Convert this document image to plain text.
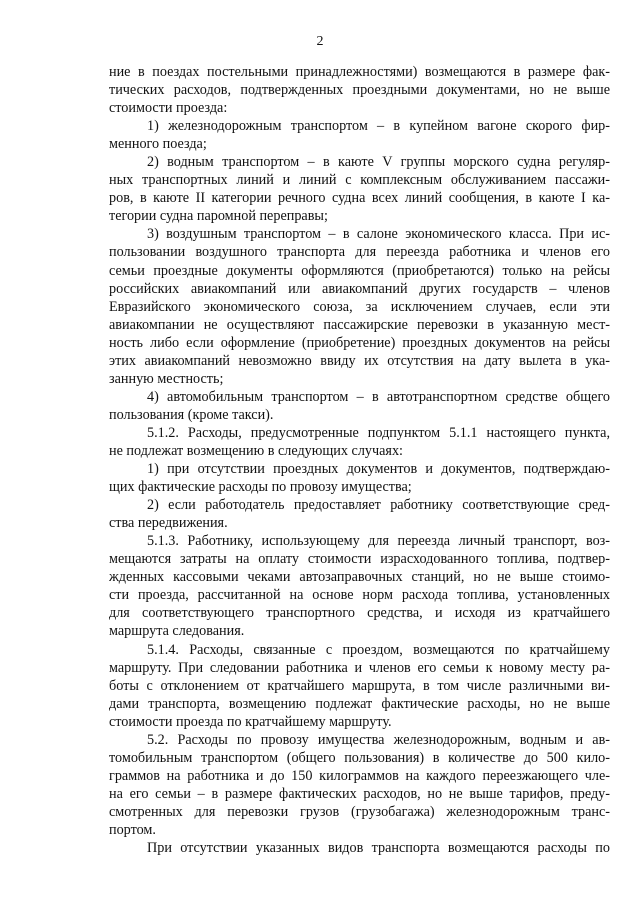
2
ние в поездах постельными принадлежностями) возмещаются в размере фак-
тических расходов, подтвержденных проездными документами, но не выше
стоимости проезда:
1) железнодорожным транспортом – в купейном вагоне скорого фир-
менного поезда;
2) водным транспортом – в каюте V группы морского судна регуляр-
ных транспортных линий и линий с комплексным обслуживанием пассажи-
ров, в каюте II категории речного судна всех линий сообщения, в каюте I ка-
тегории судна паромной переправы;
3) воздушным транспортом – в салоне экономического класса. При ис-
пользовании воздушного транспорта для переезда работника и членов его
семьи проездные документы оформляются (приобретаются) только на рейсы
российских авиакомпаний или авиакомпаний других государств – членов
Евразийского экономического союза, за исключением случаев, если эти
авиакомпании не осуществляют пассажирские перевозки в указанную мест-
ность либо если оформление (приобретение) проездных документов на рейсы
этих авиакомпаний невозможно ввиду их отсутствия на дату вылета в ука-
занную местность;
4) автомобильным транспортом – в автотранспортном средстве общего
пользования (кроме такси).
5.1.2. Расходы, предусмотренные подпунктом 5.1.1 настоящего пункта,
не подлежат возмещению в следующих случаях:
1) при отсутствии проездных документов и документов, подтверждаю-
щих фактические расходы по провозу имущества;
2) если работодатель предоставляет работнику соответствующие сред-
ства передвижения.
5.1.3. Работнику, использующему для переезда личный транспорт, воз-
мещаются затраты на оплату стоимости израсходованного топлива, подтвер-
жденных кассовыми чеками автозаправочных станций, но не выше стоимо-
сти проезда, рассчитанной на основе норм расхода топлива, установленных
для соответствующего транспортного средства, и исходя из кратчайшего
маршрута следования.
5.1.4. Расходы, связанные с проездом, возмещаются по кратчайшему
маршруту. При следовании работника и членов его семьи к новому месту ра-
боты с отклонением от кратчайшего маршрута, в том числе различными ви-
дами транспорта, возмещению подлежат фактические расходы, но не выше
стоимости проезда по кратчайшему маршруту.
5.2. Расходы по провозу имущества железнодорожным, водным и ав-
томобильным транспортом (общего пользования) в количестве до 500 кило-
граммов на работника и до 150 килограммов на каждого переезжающего чле-
на его семьи – в размере фактических расходов, но не выше тарифов, преду-
смотренных для перевозки грузов (грузобагажа) железнодорожным транс-
портом.
При отсутствии указанных видов транспорта возмещаются расходы по
